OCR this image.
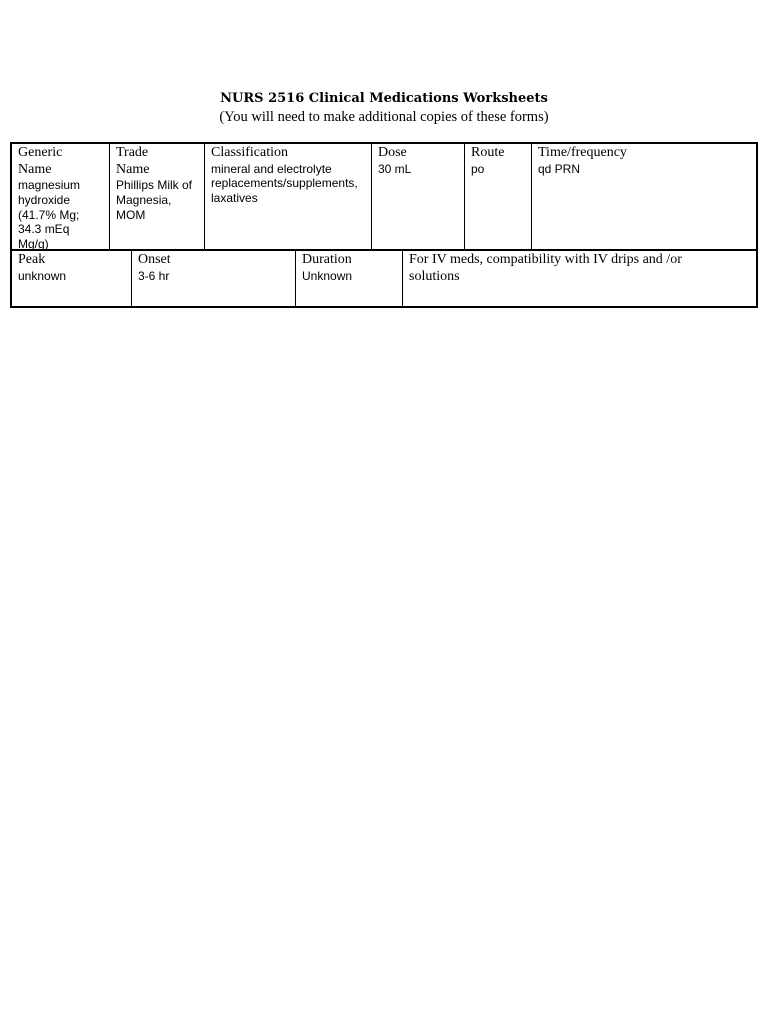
NURS 2516 Clinical Medications Worksheets
(You will need to make additional copies of these forms)
Generic
Name
magnesium
hydroxide
(41.7% Mg;
34.3 mEq
Mg/g)
Trade
Name
Phillips Milk of
Magnesia,
MOM
Classification
mineral and electrolyte
replacements/supplements,
laxatives
Dose
30 mL
Route
po
Time/frequency
qd PRN
Peak
unknown
Onset
3-6 hr
Duration
Unknown
For IV meds, compatibility with IV drips and /or
solutions
